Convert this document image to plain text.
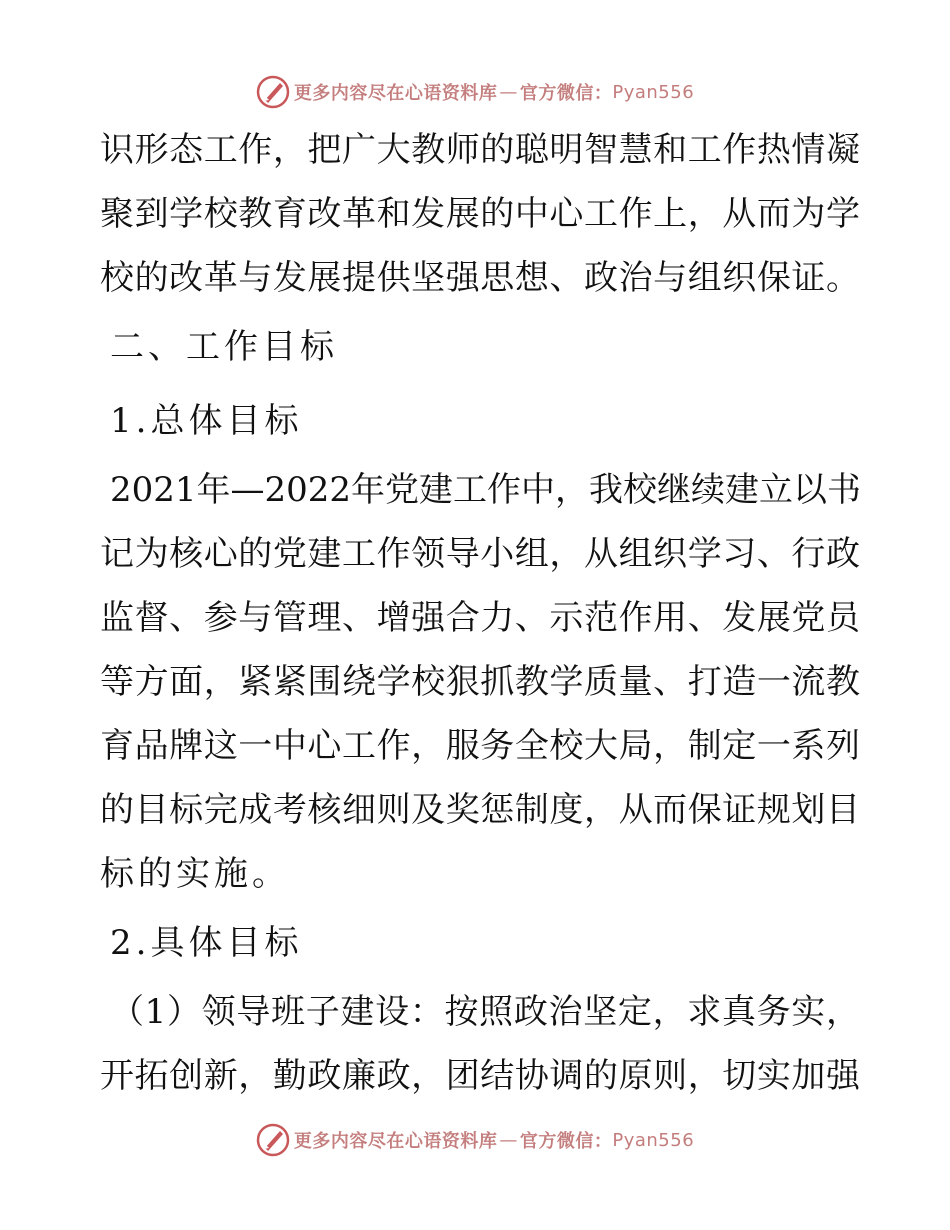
更多内容尽在心语资料库 — 官方微信： Pyan556
识形态工作，把广大教师的聪明智慧和工作热情凝
聚到学校教育改革和发展的中心工作上，从而为学
校的改革与发展提供坚强思想、政治与组织保证。
二、工作目标
1.总体目标
2021年—2022年党建工作中，我校继续建立以书
记为核心的党建工作领导小组，从组织学习、行政
监督、参与管理、增强合力、示范作用、发展党员
等方面，紧紧围绕学校狠抓教学质量、打造一流教
育品牌这一中心工作，服务全校大局，制定一系列
的目标完成考核细则及奖惩制度，从而保证规划目
标的实施。
2.具体目标
（1）领导班子建设：按照政治坚定，求真务实，
开拓创新，勤政廉政，团结协调的原则，切实加强
更多内容尽在心语资料库 — 官方微信： Pyan556
